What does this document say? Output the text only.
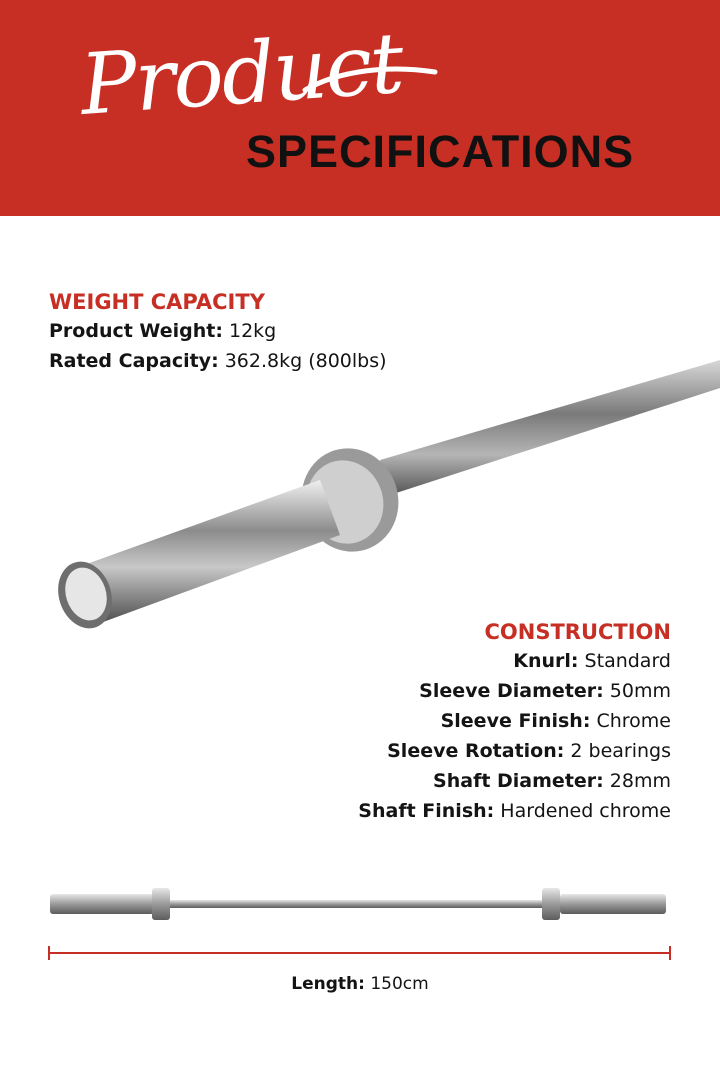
Product
SPECIFICATIONS
WEIGHT CAPACITY
Product Weight: 12kg
Rated Capacity: 362.8kg (800lbs)
CONSTRUCTION
Knurl: Standard
Sleeve Diameter: 50mm
Sleeve Finish: Chrome
Sleeve Rotation: 2 bearings
Shaft Diameter: 28mm
Shaft Finish: Hardened chrome
Length: 150cm
